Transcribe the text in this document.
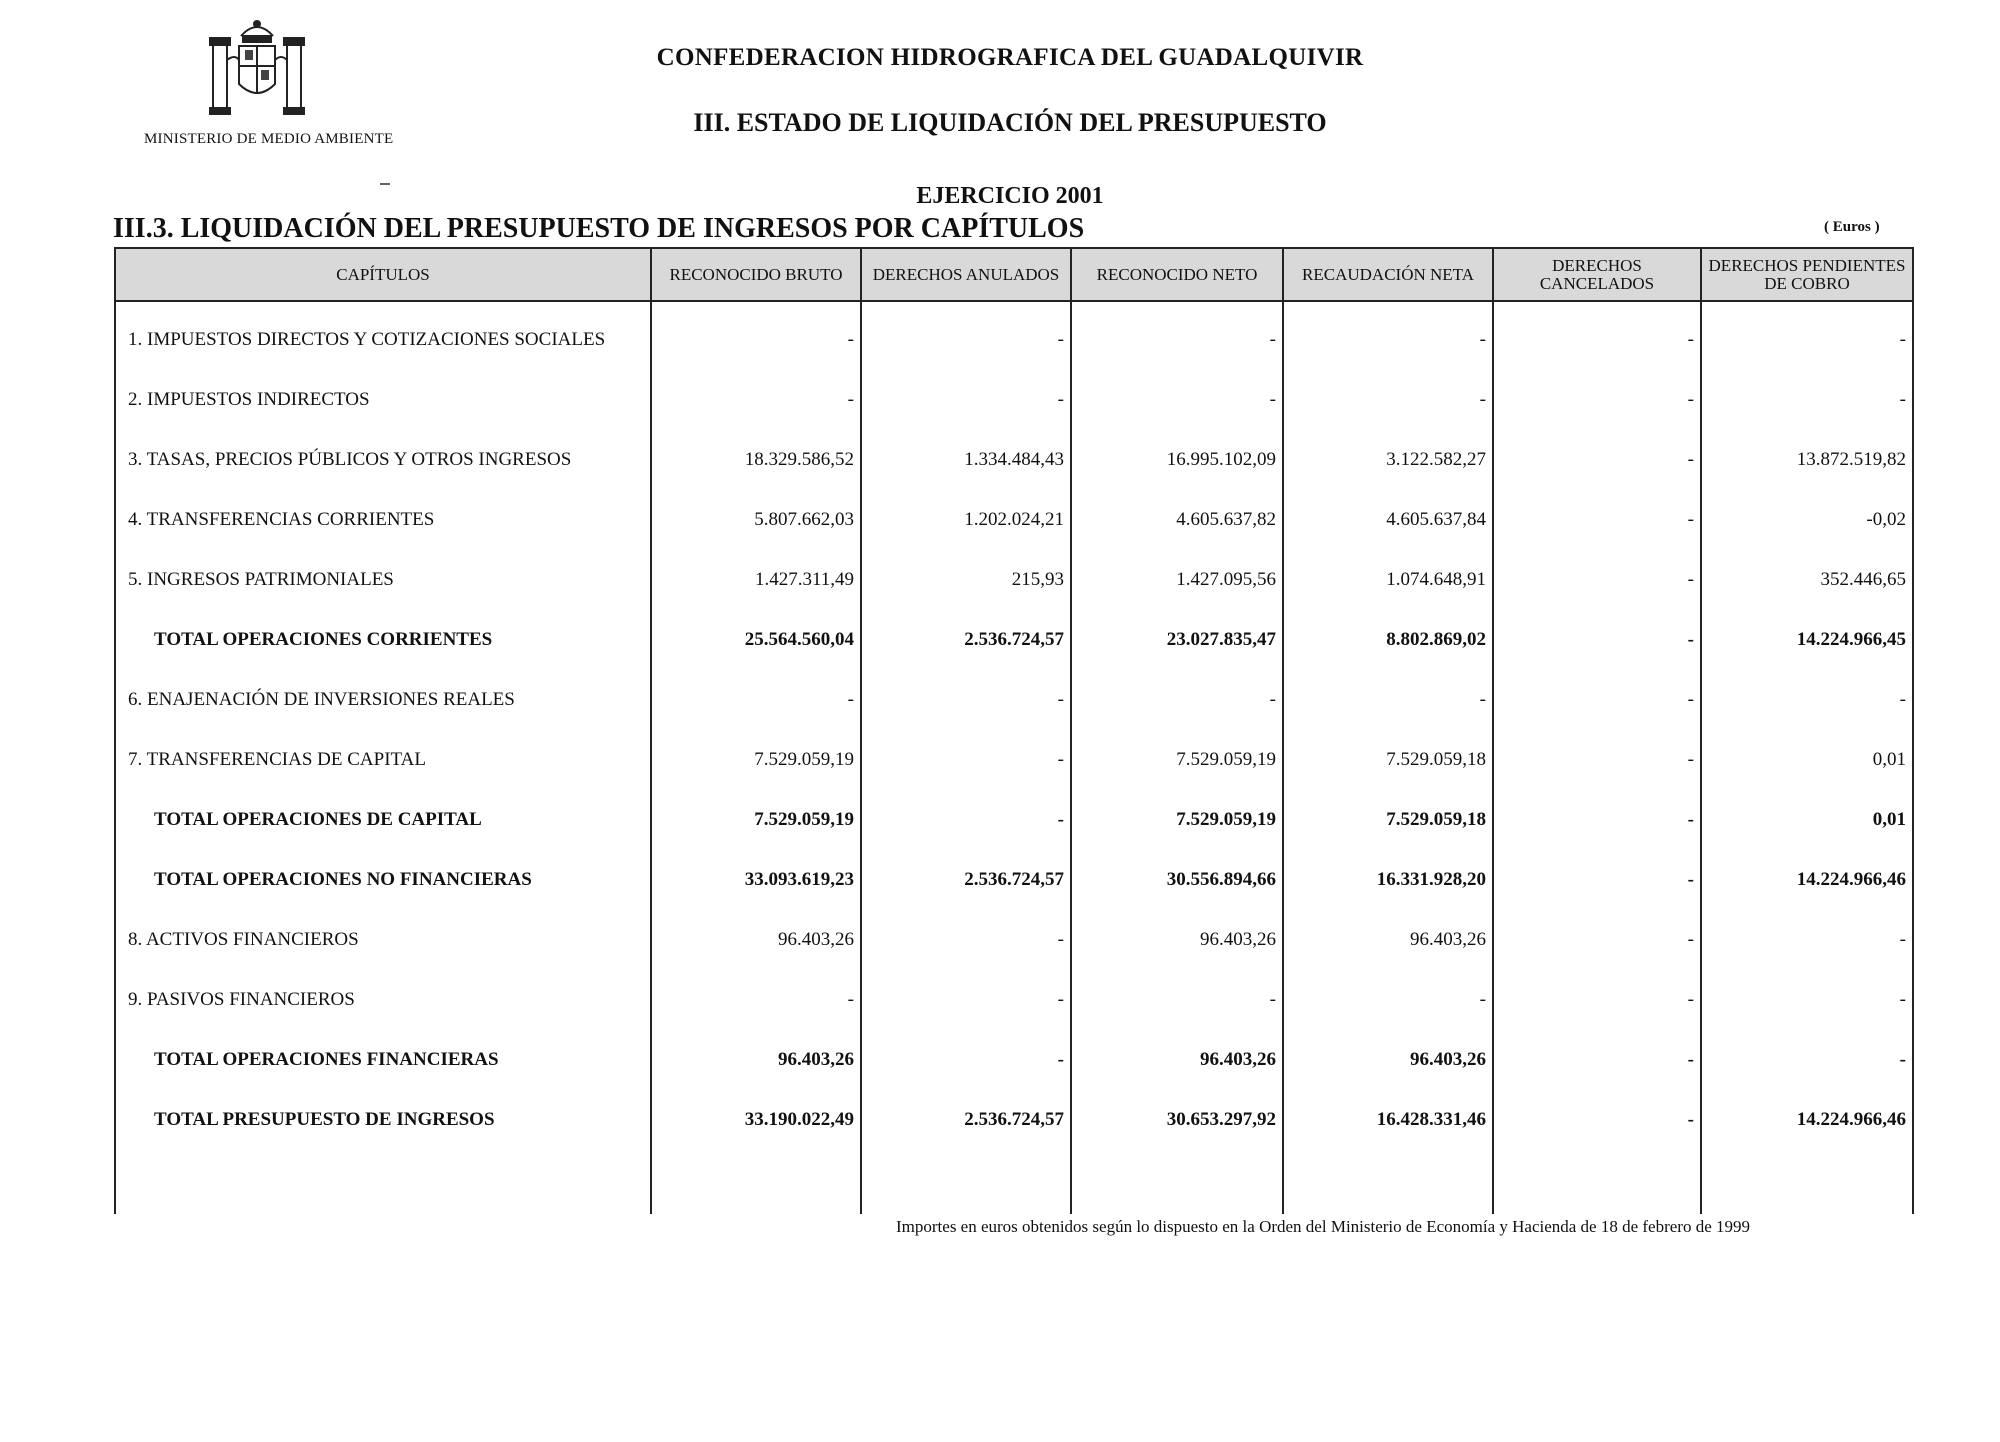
MINISTERIO DE MEDIO AMBIENTE
CONFEDERACION HIDROGRAFICA DEL GUADALQUIVIR
III. ESTADO DE LIQUIDACIÓN DEL PRESUPUESTO
EJERCICIO 2001
III.3. LIQUIDACIÓN DEL PRESUPUESTO DE INGRESOS POR CAPÍTULOS	( Euros )
CAPÍTULOS	RECONOCIDO BRUTO	DERECHOS ANULADOS	RECONOCIDO NETO	RECAUDACIÓN NETA	DERECHOS CANCELADOS	DERECHOS PENDIENTES DE COBRO
1. IMPUESTOS DIRECTOS Y COTIZACIONES SOCIALES	-	-	-	-	-	-
2. IMPUESTOS INDIRECTOS	-	-	-	-	-	-
3. TASAS, PRECIOS PÚBLICOS Y OTROS INGRESOS	18.329.586,52	1.334.484,43	16.995.102,09	3.122.582,27	-	13.872.519,82
4. TRANSFERENCIAS CORRIENTES	5.807.662,03	1.202.024,21	4.605.637,82	4.605.637,84	-	-0,02
5. INGRESOS PATRIMONIALES	1.427.311,49	215,93	1.427.095,56	1.074.648,91	-	352.446,65
TOTAL OPERACIONES CORRIENTES	25.564.560,04	2.536.724,57	23.027.835,47	8.802.869,02	-	14.224.966,45
6. ENAJENACIÓN DE INVERSIONES REALES	-	-	-	-	-	-
7. TRANSFERENCIAS DE CAPITAL	7.529.059,19	-	7.529.059,19	7.529.059,18	-	0,01
TOTAL OPERACIONES DE CAPITAL	7.529.059,19	-	7.529.059,19	7.529.059,18	-	0,01
TOTAL OPERACIONES NO FINANCIERAS	33.093.619,23	2.536.724,57	30.556.894,66	16.331.928,20	-	14.224.966,46
8. ACTIVOS FINANCIEROS	96.403,26	-	96.403,26	96.403,26	-	-
9. PASIVOS FINANCIEROS	-	-	-	-	-	-
TOTAL OPERACIONES FINANCIERAS	96.403,26	-	96.403,26	96.403,26	-	-
TOTAL PRESUPUESTO DE INGRESOS	33.190.022,49	2.536.724,57	30.653.297,92	16.428.331,46	-	14.224.966,46

Importes en euros obtenidos según lo dispuesto en la Orden del Ministerio de Economía y Hacienda de 18 de febrero de 1999
